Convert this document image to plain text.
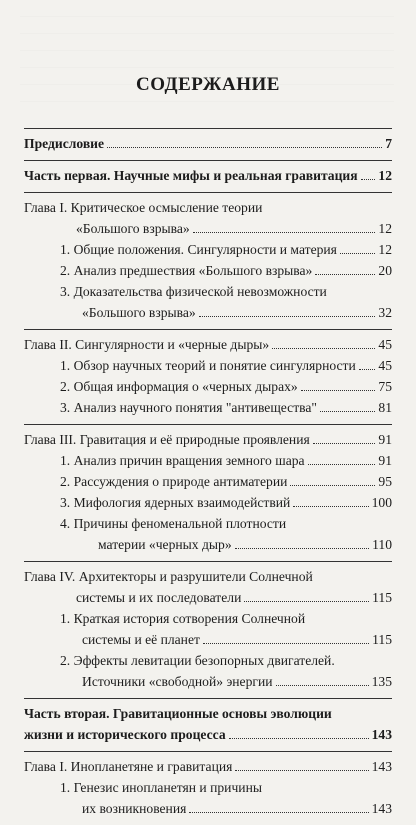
СОДЕРЖАНИЕ
Предисловие	7
Часть первая. Научные мифы и реальная гравитация 12
Глава I. Критическое осмысление теории
«Большого взрыва»	12
1. Общие положения. Сингулярности и материя	12
2. Анализ предшествия «Большого взрыва»	20
3. Доказательства физической невозможности
«Большого взрыва»	32
Глава II. Сингулярности и «черные дыры»	45
1. Обзор научных теорий и понятие сингулярности 45
2. Общая информация о «черных дырах»	75
3. Анализ научного понятия "антивещества"	81
Глава III. Гравитация и её природные проявления	91
1. Анализ причин вращения земного шара	91
2. Рассуждения о природе антиматерии	95
3. Мифология ядерных взаимодействий	100
4. Причины феноменальной плотности
материи «черных дыр»	110
Глава IV. Архитекторы и разрушители Солнечной
системы и их последователи	115
1. Краткая история сотворения Солнечной
системы и её планет	115
2. Эффекты левитации безопорных двигателей.
Источники «свободной» энергии	135
Часть вторая. Гравитационные основы эволюции
жизни и исторического процесса	143
Глава I. Инопланетяне и гравитация	143
1. Генезис инопланетян и причины
их возникновения	143
